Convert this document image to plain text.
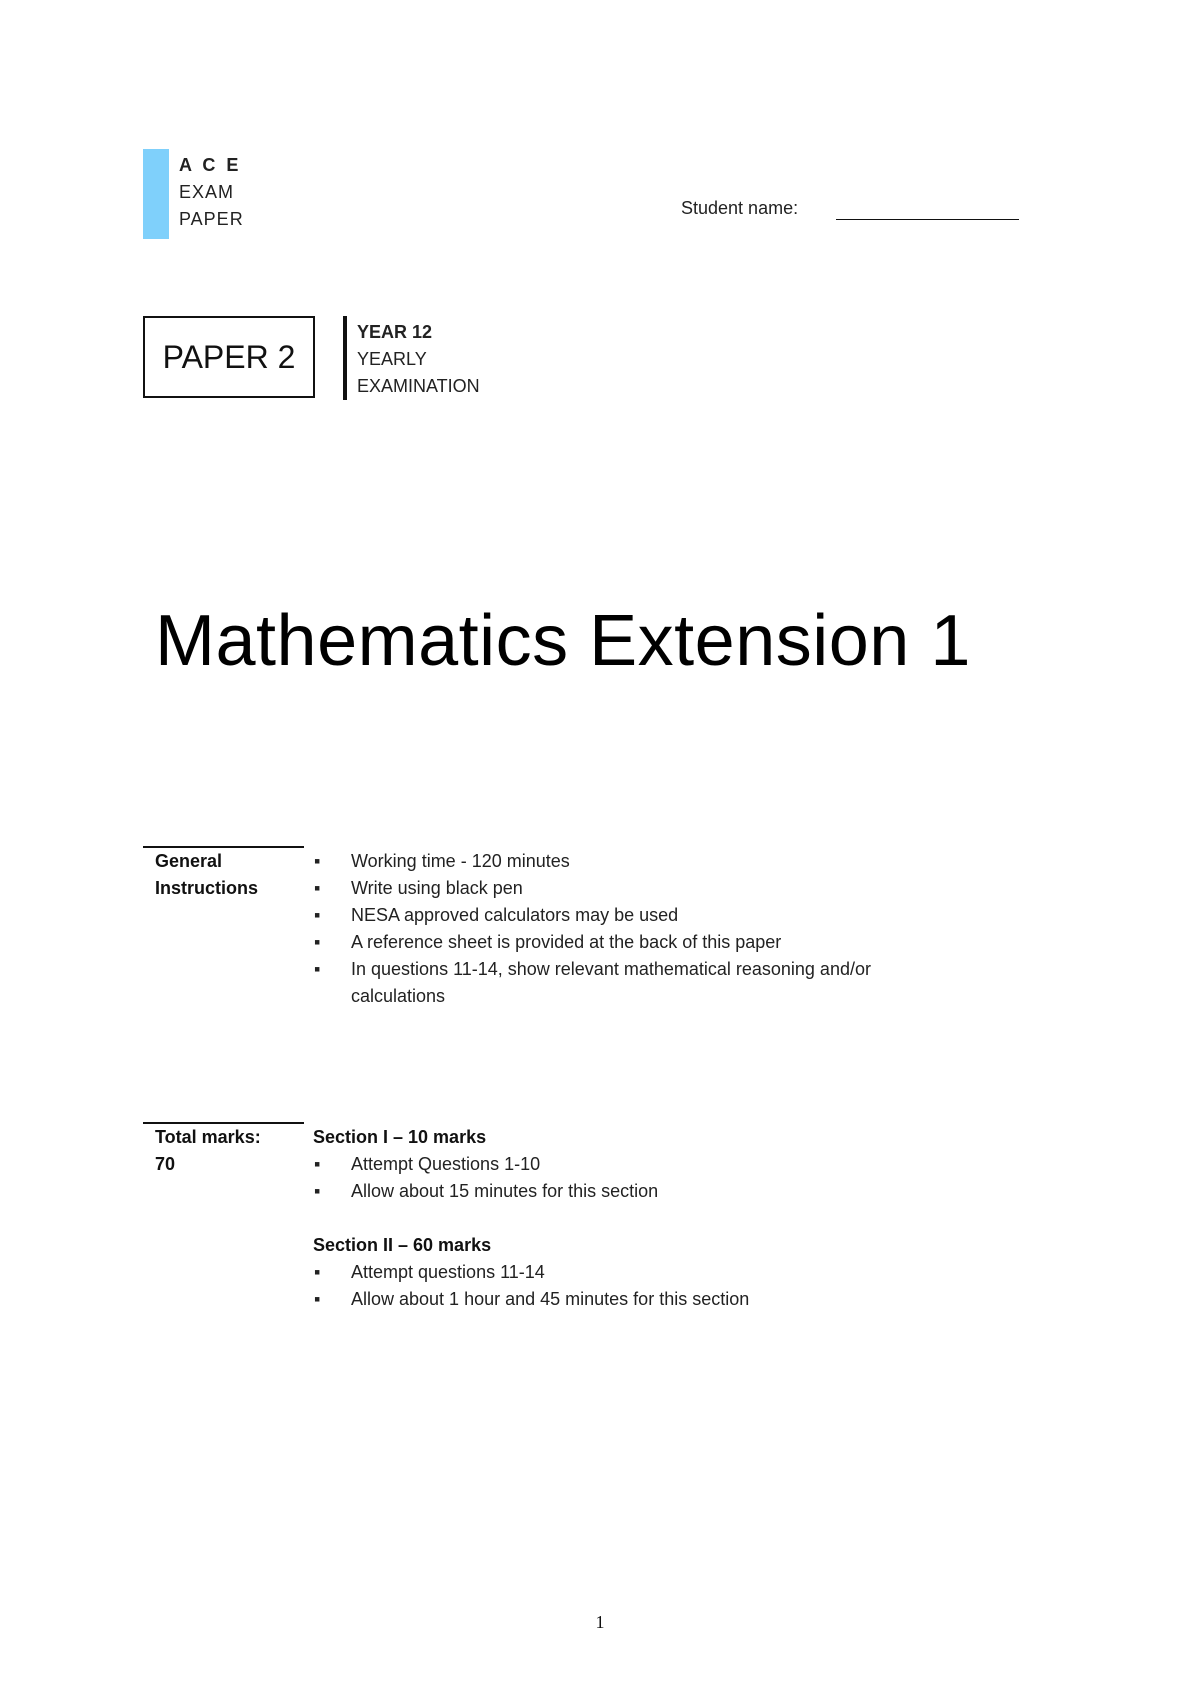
A C E
EXAM
PAPER
Student name:
PAPER 2
YEAR 12
YEARLY
EXAMINATION
Mathematics Extension 1
General
Instructions
▪ Working time - 120 minutes
▪ Write using black pen
▪ NESA approved calculators may be used
▪ A reference sheet is provided at the back of this paper
▪ In questions 11-14, show relevant mathematical reasoning and/or calculations
Total marks:
70
Section I – 10 marks
▪ Attempt Questions 1-10
▪ Allow about 15 minutes for this section
Section II – 60 marks
▪ Attempt questions 11-14
▪ Allow about 1 hour and 45 minutes for this section
1
